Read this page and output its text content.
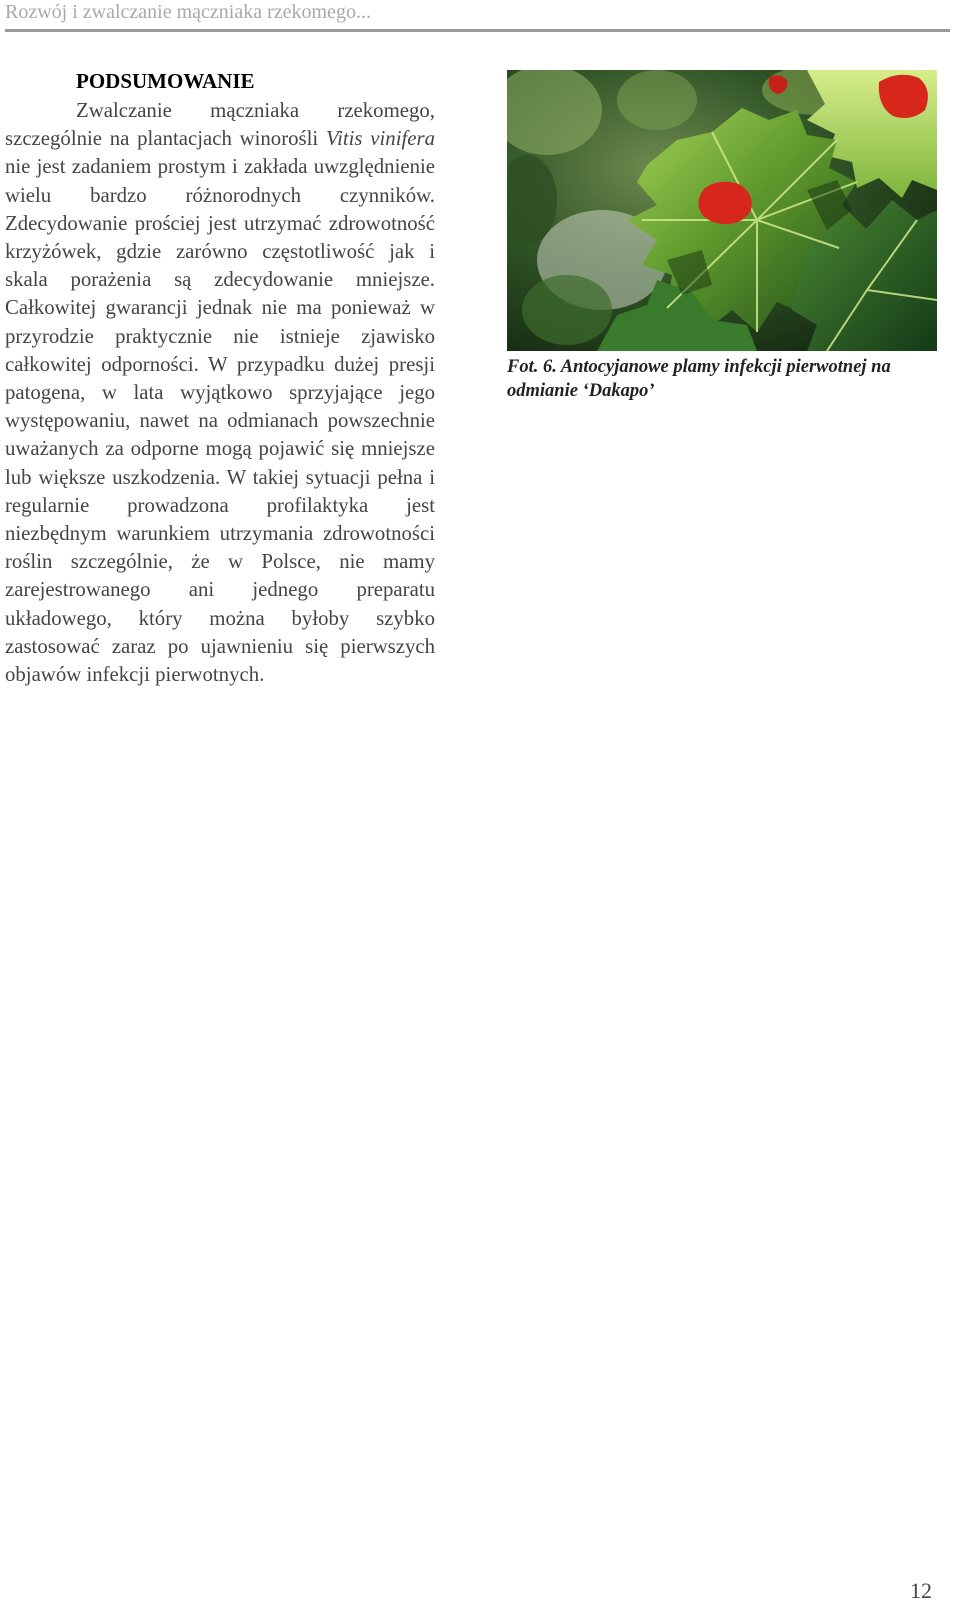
Rozwój i zwalczanie mączniaka rzekomego...
PODSUMOWANIE

Zwalczanie mączniaka rzekomego, szczególnie na plantacjach winorośli Vitis vinifera nie jest zadaniem prostym i zakłada uwzględnienie wielu bardzo różnorodnych czynników. Zdecydowanie prościej jest utrzymać zdrowotność krzyżówek, gdzie zarówno częstotliwość jak i skala porażenia są zdecydowanie mniejsze. Całkowitej gwarancji jednak nie ma ponieważ w przyrodzie praktycznie nie istnieje zjawisko całkowitej odporności. W przypadku dużej presji patogena, w lata wyjątkowo sprzyjające jego występowaniu, nawet na odmianach powszechnie uważanych za odporne mogą pojawić się mniejsze lub większe uszkodzenia. W takiej sytuacji pełna i regularnie prowadzona profilaktyka jest niezbędnym warunkiem utrzymania zdrowotności roślin szczególnie, że w Polsce, nie mamy zarejestrowanego ani jednego preparatu układowego, który można byłoby szybko zastosować zaraz po ujawnieniu się pierwszych objawów infekcji pierwotnych.

Fot. 6. Antocyjanowe plamy infekcji pierwotnej na odmianie ‘Dakapo’
12
